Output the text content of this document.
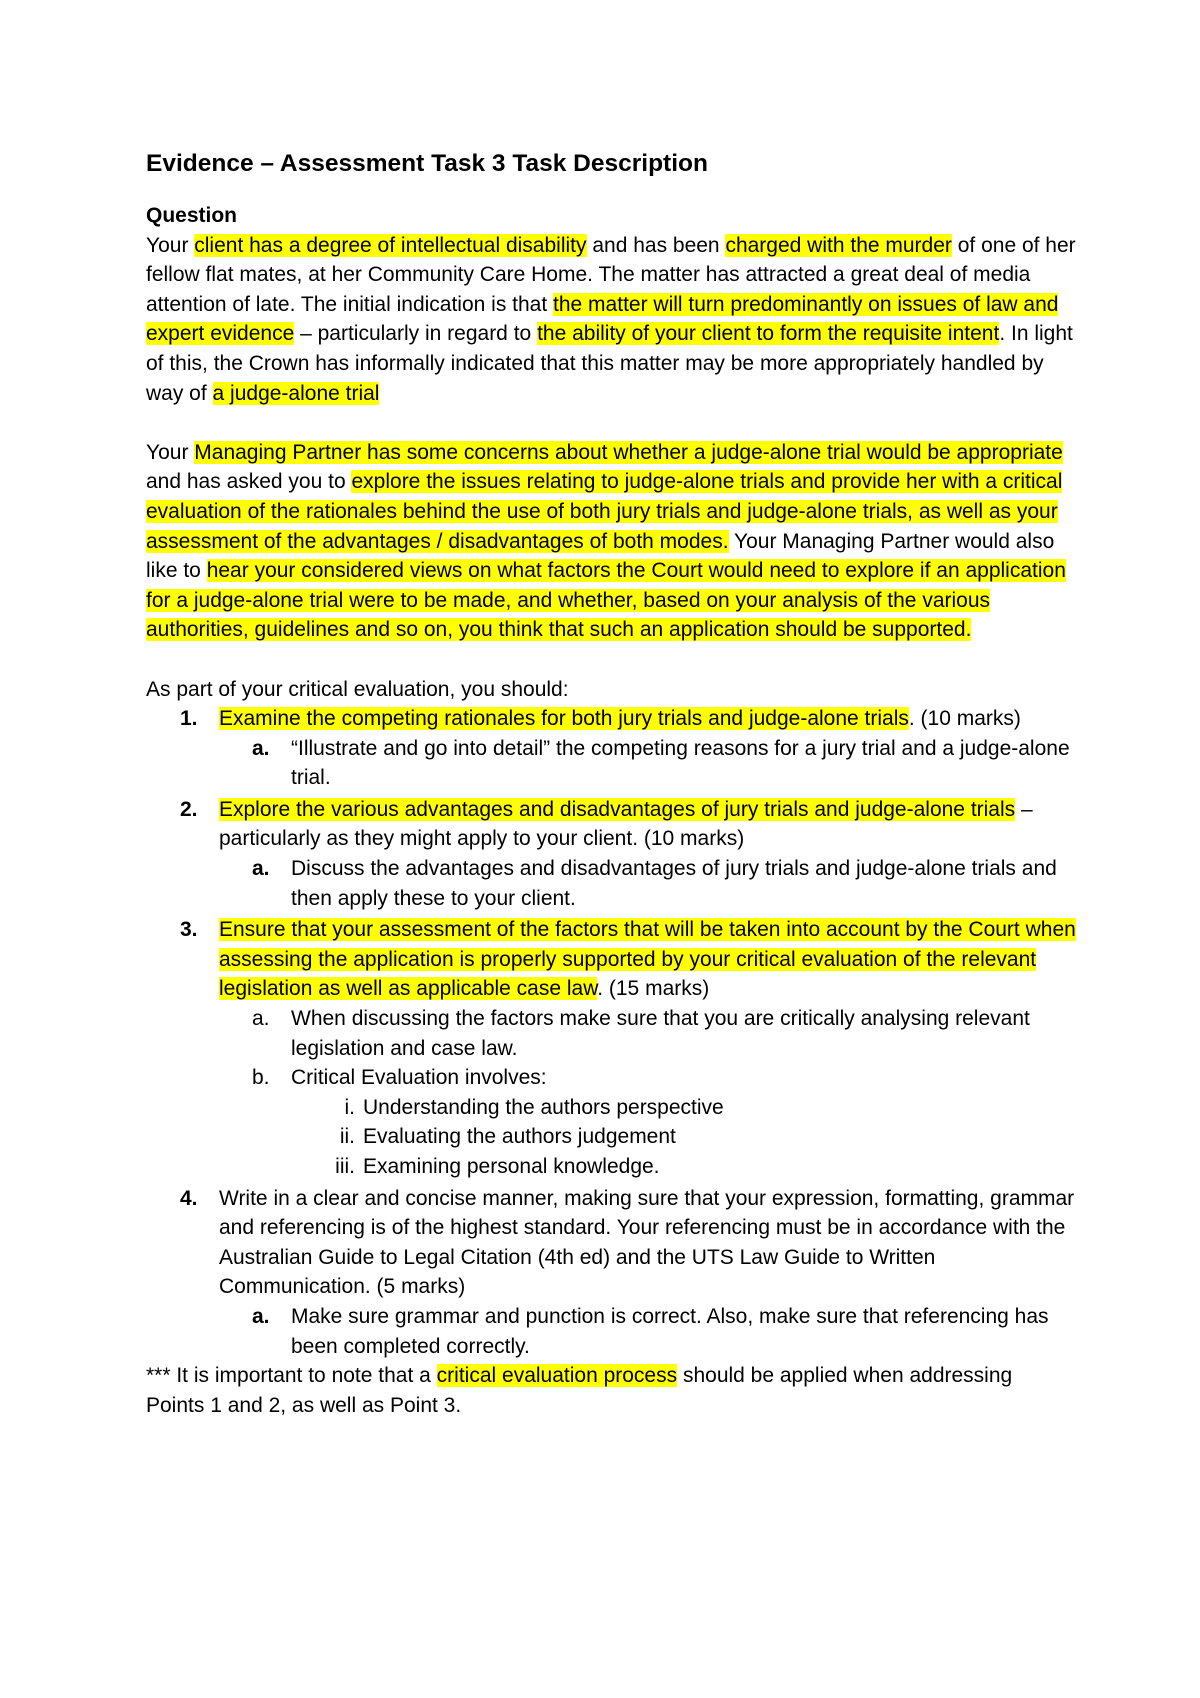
Evidence – Assessment Task 3 Task Description

Question

Your client has a degree of intellectual disability and has been charged with the murder of one of her fellow flat mates, at her Community Care Home. The matter has attracted a great deal of media attention of late. The initial indication is that the matter will turn predominantly on issues of law and expert evidence – particularly in regard to the ability of your client to form the requisite intent. In light of this, the Crown has informally indicated that this matter may be more appropriately handled by way of a judge-alone trial

Your Managing Partner has some concerns about whether a judge-alone trial would be appropriate and has asked you to explore the issues relating to judge-alone trials and provide her with a critical evaluation of the rationales behind the use of both jury trials and judge-alone trials, as well as your assessment of the advantages / disadvantages of both modes. Your Managing Partner would also like to hear your considered views on what factors the Court would need to explore if an application for a judge-alone trial were to be made, and whether, based on your analysis of the various authorities, guidelines and so on, you think that such an application should be supported.

As part of your critical evaluation, you should:

1. Examine the competing rationales for both jury trials and judge-alone trials. (10 marks)
a. “Illustrate and go into detail” the competing reasons for a jury trial and a judge-alone trial.
2. Explore the various advantages and disadvantages of jury trials and judge-alone trials – particularly as they might apply to your client. (10 marks)
a. Discuss the advantages and disadvantages of jury trials and judge-alone trials and then apply these to your client.
3. Ensure that your assessment of the factors that will be taken into account by the Court when assessing the application is properly supported by your critical evaluation of the relevant legislation as well as applicable case law. (15 marks)
a. When discussing the factors make sure that you are critically analysing relevant legislation and case law.
b. Critical Evaluation involves:
i. Understanding the authors perspective
ii. Evaluating the authors judgement
iii. Examining personal knowledge.
4. Write in a clear and concise manner, making sure that your expression, formatting, grammar and referencing is of the highest standard. Your referencing must be in accordance with the Australian Guide to Legal Citation (4th ed) and the UTS Law Guide to Written Communication. (5 marks)
a. Make sure grammar and punction is correct. Also, make sure that referencing has been completed correctly.

*** It is important to note that a critical evaluation process should be applied when addressing Points 1 and 2, as well as Point 3.
